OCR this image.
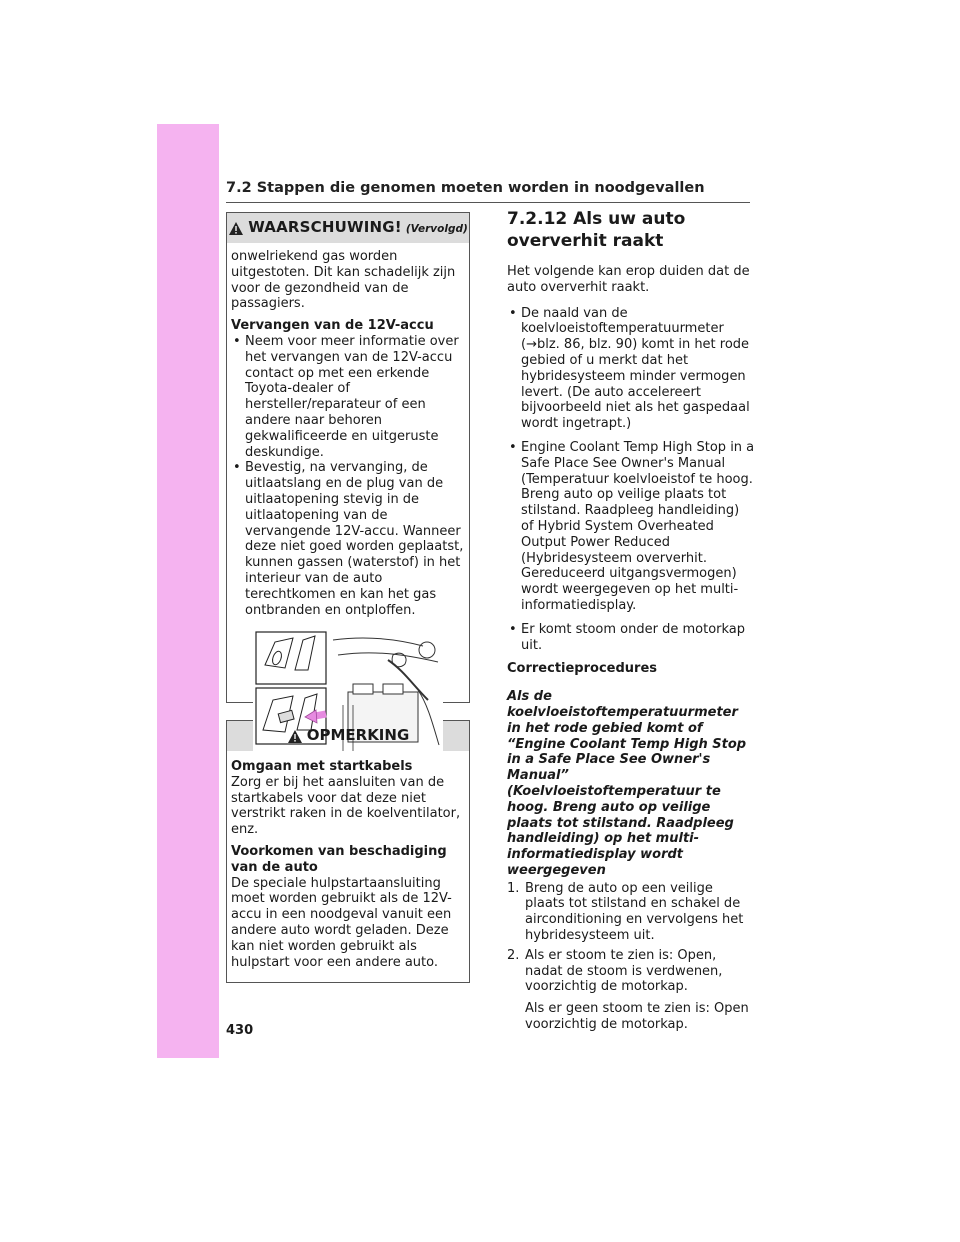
7.2 Stappen die genomen moeten worden in noodgevallen
WAARSCHUWING! (Vervolgd)

onwelriekend gas worden uitgestoten. Dit kan schadelijk zijn voor de gezondheid van de passagiers.

Vervangen van de 12V-accu

• Neem voor meer informatie over het vervangen van de 12V-accu contact op met een erkende Toyota-dealer of hersteller/reparateur of een andere naar behoren gekwalificeerde en uitgeruste deskundige.
• Bevestig, na vervanging, de uitlaatslang en de plug van de uitlaatopening stevig in de uitlaatopening van de vervangende 12V-accu. Wanneer deze niet goed worden geplaatst, kunnen gassen (waterstof) in het interieur van de auto terechtkomen en kan het gas ontbranden en ontploffen.
OPMERKING

Omgaan met startkabels

Zorg er bij het aansluiten van de startkabels voor dat deze niet verstrikt raken in de koelventilator, enz.

Voorkomen van beschadiging van de auto

De speciale hulpstartaansluiting moet worden gebruikt als de 12V-accu in een noodgeval vanuit een andere auto wordt geladen. Deze kan niet worden gebruikt als hulpstart voor een andere auto.

7.2.12 Als uw auto oververhit raakt

Het volgende kan erop duiden dat de auto oververhit raakt.

• De naald van de koelvloeistoftemperatuurmeter (→blz. 86, blz. 90) komt in het rode gebied of u merkt dat het hybridesysteem minder vermogen levert. (De auto accelereert bijvoorbeeld niet als het gaspedaal wordt ingetrapt.)
• Engine Coolant Temp High Stop in a Safe Place See Owner's Manual (Temperatuur koelvloeistof te hoog. Breng auto op veilige plaats tot stilstand. Raadpleeg handleiding) of Hybrid System Overheated Output Power Reduced (Hybridesysteem oververhit. Gereduceerd uitgangsvermogen) wordt weergegeven op het multi-informatiedisplay.
• Er komt stoom onder de motorkap uit.
Correctieprocedures
Als de koelvloeistoftemperatuurmeter in het rode gebied komt of “Engine Coolant Temp High Stop in a Safe Place See Owner's Manual” (Koelvloeistoftemperatuur te hoog. Breng auto op veilige plaats tot stilstand. Raadpleeg handleiding) op het multi-informatiedisplay wordt weergegeven
1. Breng de auto op een veilige plaats tot stilstand en schakel de airconditioning en vervolgens het hybridesysteem uit.
2. Als er stoom te zien is: Open, nadat de stoom is verdwenen, voorzichtig de motorkap.
Als er geen stoom te zien is: Open voorzichtig de motorkap.
430
